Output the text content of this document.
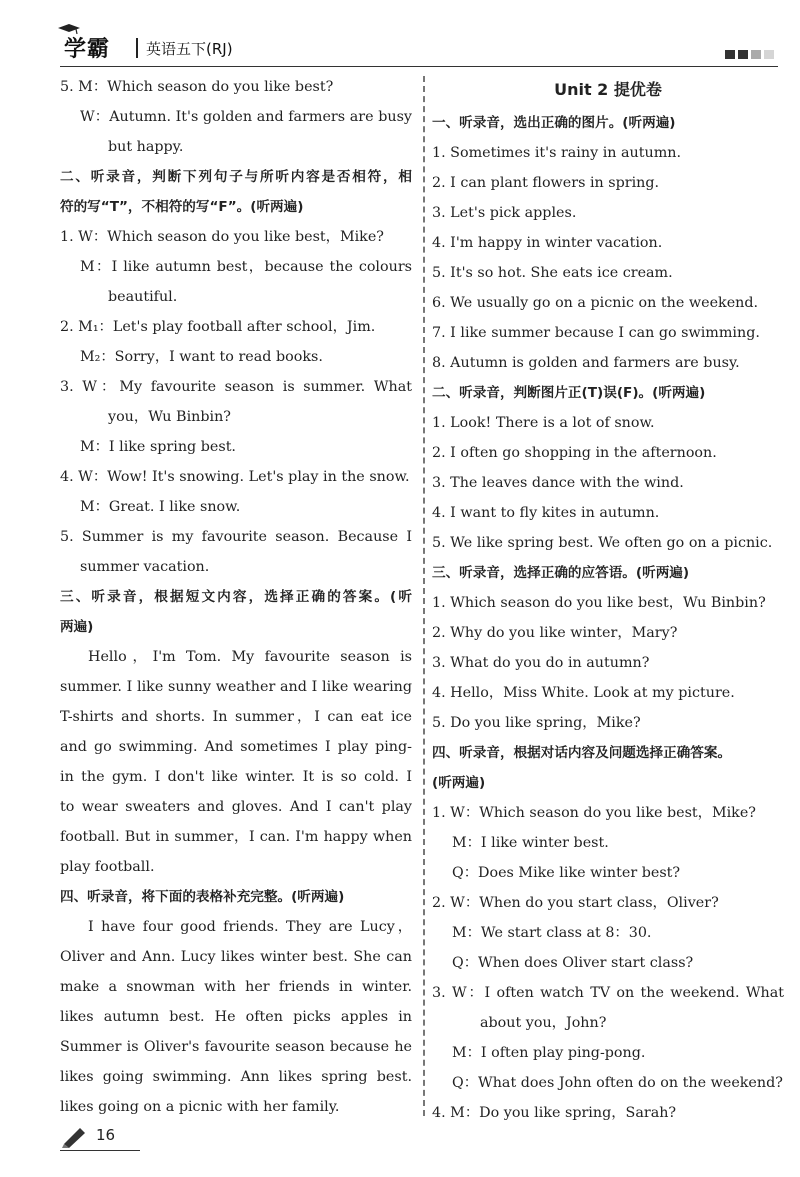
学霸 英语五下(RJ)
5. M：Which season do you like best?
W：Autumn. It's golden and farmers are busy
but happy.
二、听录音，判断下列句子与所听内容是否相符，相
符的写“T”，不相符的写“F”。(听两遍)
1. W：Which season do you like best，Mike?
M：I like autumn best，because the colours
beautiful.
2. M₁：Let's play football after school，Jim.
M₂：Sorry，I want to read books.
3. W：My favourite season is summer. What
you，Wu Binbin?
M：I like spring best.
4. W：Wow! It's snowing. Let's play in the snow.
M：Great. I like snow.
5. Summer is my favourite season. Because I
summer vacation.
三、听录音，根据短文内容，选择正确的答案。(听
两遍)
Hello，I'm Tom. My favourite season is
summer. I like sunny weather and I like wearing
T-shirts and shorts. In summer，I can eat ice
and go swimming. And sometimes I play ping-
in the gym. I don't like winter. It is so cold. I
to wear sweaters and gloves. And I can't play
football. But in summer，I can. I'm happy when
play football.
四、听录音，将下面的表格补充完整。(听两遍)
I have four good friends. They are Lucy，
Oliver and Ann. Lucy likes winter best. She can
make a snowman with her friends in winter.
likes autumn best. He often picks apples in
Summer is Oliver's favourite season because he
likes going swimming. Ann likes spring best.
likes going on a picnic with her family.
Unit 2 提优卷
一、听录音，选出正确的图片。(听两遍)
1. Sometimes it's rainy in autumn.
2. I can plant flowers in spring.
3. Let's pick apples.
4. I'm happy in winter vacation.
5. It's so hot. She eats ice cream.
6. We usually go on a picnic on the weekend.
7. I like summer because I can go swimming.
8. Autumn is golden and farmers are busy.
二、听录音，判断图片正(T)误(F)。(听两遍)
1. Look! There is a lot of snow.
2. I often go shopping in the afternoon.
3. The leaves dance with the wind.
4. I want to fly kites in autumn.
5. We like spring best. We often go on a picnic.
三、听录音，选择正确的应答语。(听两遍)
1. Which season do you like best，Wu Binbin?
2. Why do you like winter，Mary?
3. What do you do in autumn?
4. Hello，Miss White. Look at my picture.
5. Do you like spring，Mike?
四、听录音，根据对话内容及问题选择正确答案。
(听两遍)
1. W：Which season do you like best，Mike?
M：I like winter best.
Q：Does Mike like winter best?
2. W：When do you start class，Oliver?
M：We start class at 8：30.
Q：When does Oliver start class?
3. W：I often watch TV on the weekend. What
about you，John?
M：I often play ping-pong.
Q：What does John often do on the weekend?
4. M：Do you like spring，Sarah?
16
